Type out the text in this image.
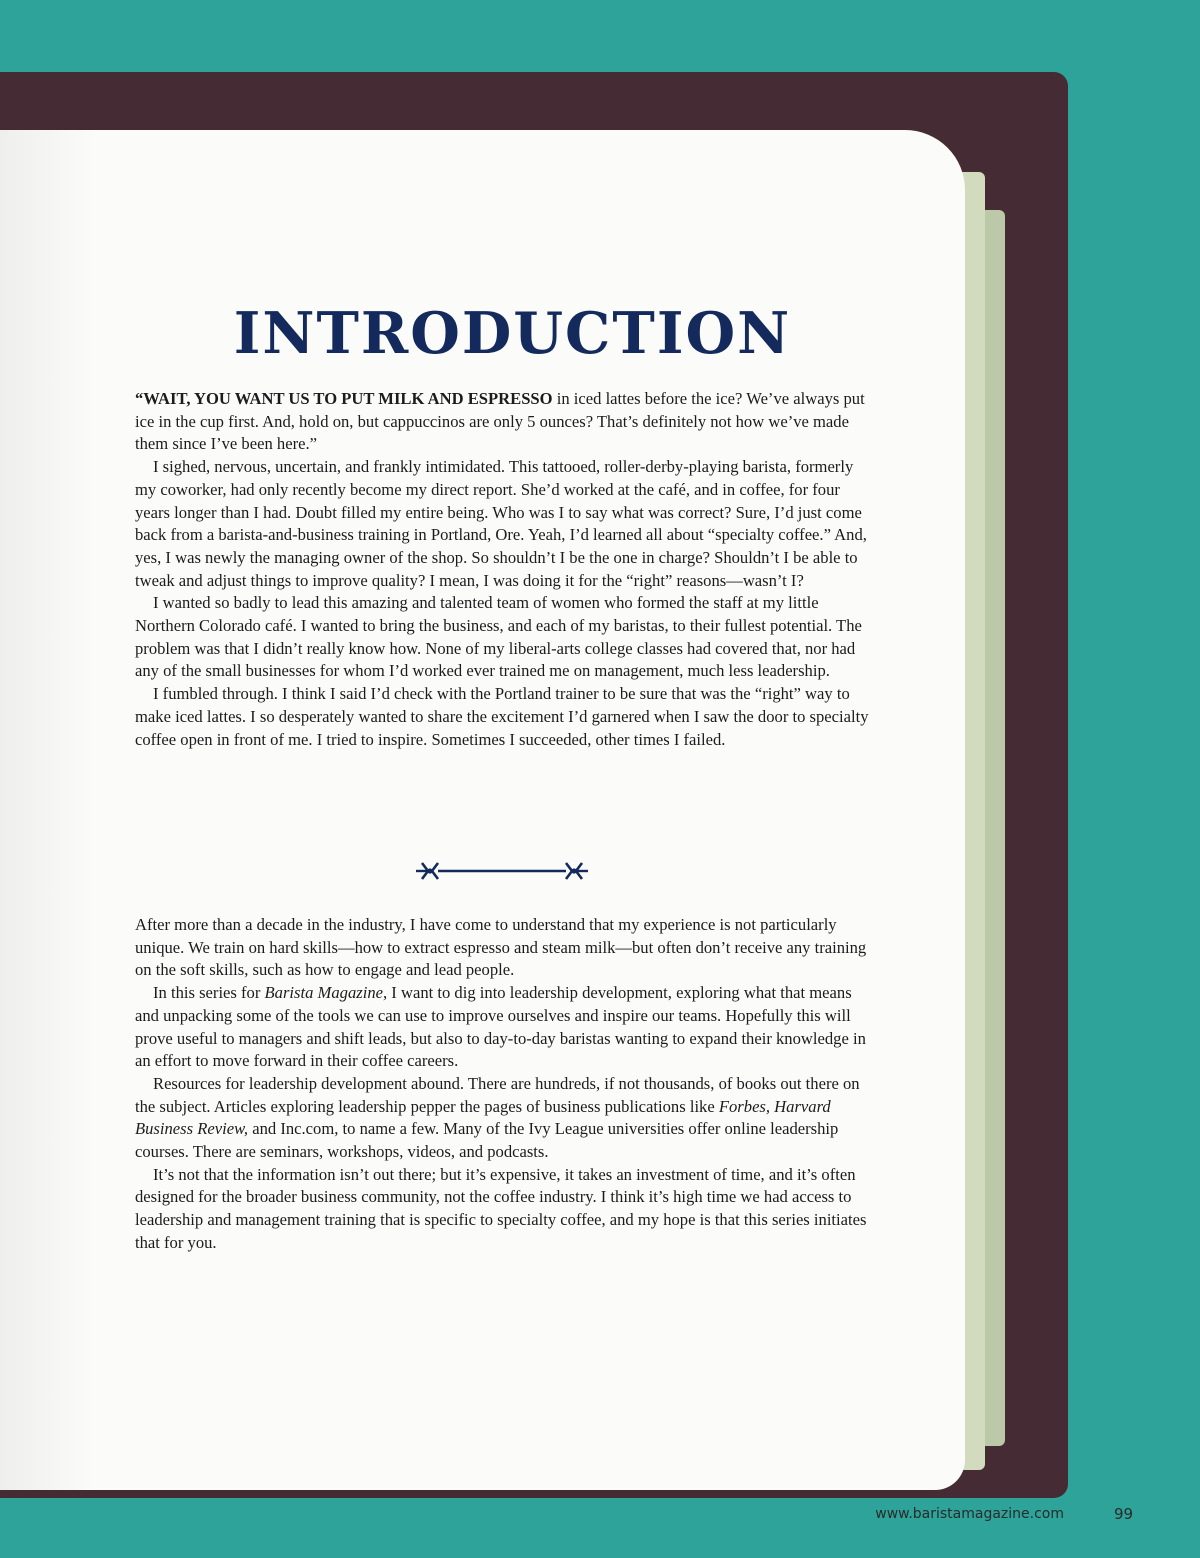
INTRODUCTION

“WAIT, YOU WANT US TO PUT MILK AND ESPRESSO in iced lattes before the ice? We’ve always put ice in the cup first. And, hold on, but cappuccinos are only 5 ounces? That’s definitely not how we’ve made them since I’ve been here.”

I sighed, nervous, uncertain, and frankly intimidated. This tattooed, roller-derby-playing barista, formerly my coworker, had only recently become my direct report. She’d worked at the café, and in coffee, for four years longer than I had. Doubt filled my entire being. Who was I to say what was correct? Sure, I’d just come back from a barista-and-business training in Portland, Ore. Yeah, I’d learned all about “specialty coffee.” And, yes, I was newly the managing owner of the shop. So shouldn’t I be the one in charge? Shouldn’t I be able to tweak and adjust things to improve quality? I mean, I was doing it for the “right” reasons—wasn’t I?

I wanted so badly to lead this amazing and talented team of women who formed the staff at my little Northern Colorado café. I wanted to bring the business, and each of my baristas, to their fullest potential. The problem was that I didn’t really know how. None of my liberal-arts college classes had covered that, nor had any of the small businesses for whom I’d worked ever trained me on management, much less leadership.

I fumbled through. I think I said I’d check with the Portland trainer to be sure that was the “right” way to make iced lattes. I so desperately wanted to share the excitement I’d garnered when I saw the door to specialty coffee open in front of me. I tried to inspire. Sometimes I succeeded, other times I failed.

After more than a decade in the industry, I have come to understand that my experience is not particularly unique. We train on hard skills—how to extract espresso and steam milk—but often don’t receive any training on the soft skills, such as how to engage and lead people.

In this series for Barista Magazine, I want to dig into leadership development, exploring what that means and unpacking some of the tools we can use to improve ourselves and inspire our teams. Hopefully this will prove useful to managers and shift leads, but also to day-to-day baristas wanting to expand their knowledge in an effort to move forward in their coffee careers.

Resources for leadership development abound. There are hundreds, if not thousands, of books out there on the subject. Articles exploring leadership pepper the pages of business publications like Forbes, Harvard Business Review, and Inc.com, to name a few. Many of the Ivy League universities offer online leadership courses. There are seminars, workshops, videos, and podcasts.

It’s not that the information isn’t out there; but it’s expensive, it takes an investment of time, and it’s often designed for the broader business community, not the coffee industry. I think it’s high time we had access to leadership and management training that is specific to specialty coffee, and my hope is that this series initiates that for you.

www.baristamagazine.com	99
